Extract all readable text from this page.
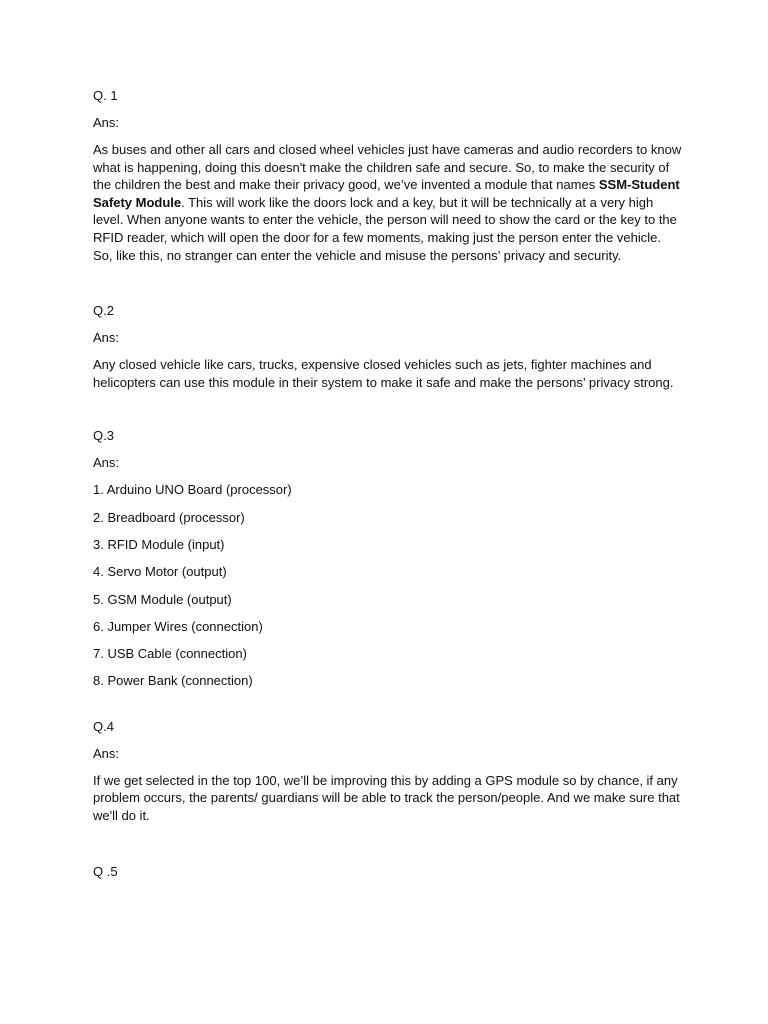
Q. 1
Ans:

As buses and other all cars and closed wheel vehicles just have cameras and audio recorders to know what is happening, doing this doesn't make the children safe and secure. So, to make the security of the children the best and make their privacy good, we’ve invented a module that names SSM-Student Safety Module. This will work like the doors lock and a key, but it will be technically at a very high level. When anyone wants to enter the vehicle, the person will need to show the card or the key to the RFID reader, which will open the door for a few moments, making just the person enter the vehicle. So, like this, no stranger can enter the vehicle and misuse the persons’ privacy and security.

Q.2
Ans:

Any closed vehicle like cars, trucks, expensive closed vehicles such as jets, fighter machines and helicopters can use this module in their system to make it safe and make the persons’ privacy strong.

Q.3
Ans:
1. Arduino UNO Board (processor)
2. Breadboard (processor)
3. RFID Module (input)
4. Servo Motor (output)
5. GSM Module (output)
6. Jumper Wires (connection)
7. USB Cable (connection)
8. Power Bank (connection)
Q.4
Ans:

If we get selected in the top 100, we’ll be improving this by adding a GPS module so by chance, if any problem occurs, the parents/ guardians will be able to track the person/people. And we make sure that we'll do it.

Q .5
